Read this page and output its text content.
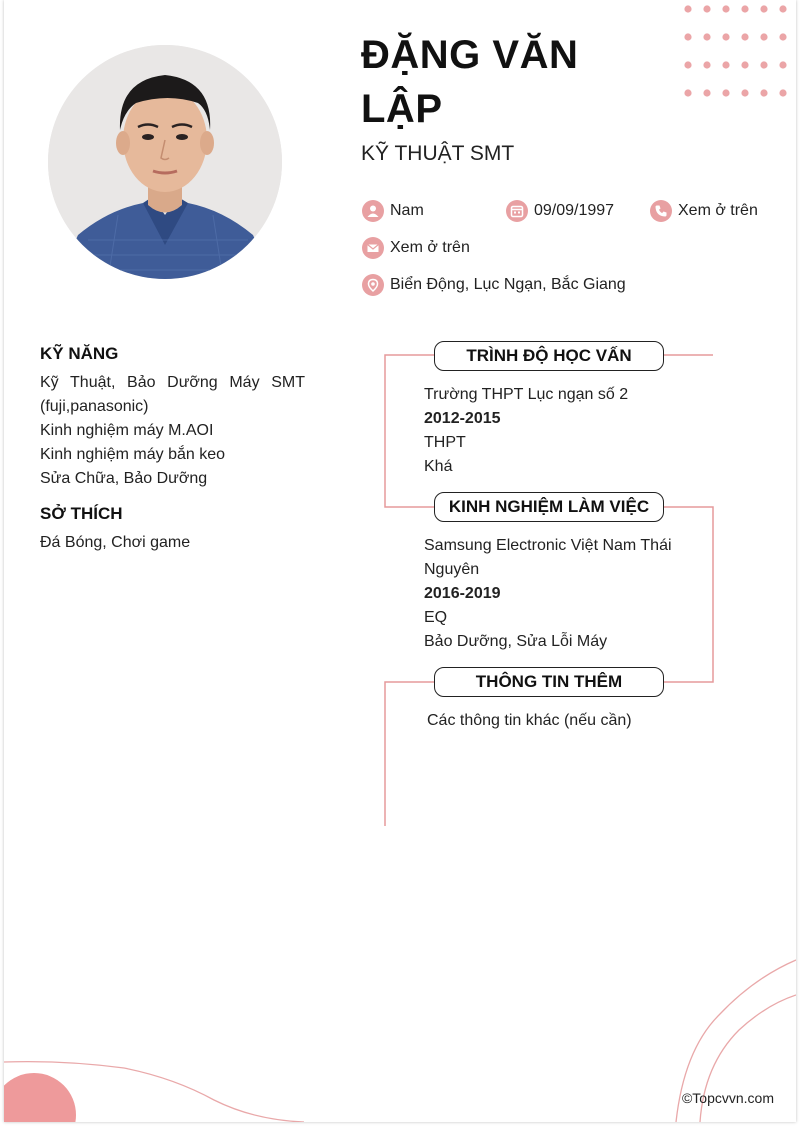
ĐẶNG VĂN
LẬP
KỸ THUẬT SMT
Nam	09/09/1997	Xem ở trên
Xem ở trên
Biển Động, Lục Ngạn, Bắc Giang
KỸ NĂNG
Kỹ Thuật, Bảo Dưỡng Máy SMT (fuji,panasonic)
Kinh nghiệm máy M.AOI
Kinh nghiệm máy bắn keo
Sửa Chữa, Bảo Dưỡng
SỞ THÍCH
Đá Bóng, Chơi game
TRÌNH ĐỘ HỌC VẤN
Trường THPT Lục ngạn số 2
2012-2015
THPT
Khá
KINH NGHIỆM LÀM VIỆC
Samsung Electronic Việt Nam Thái
Nguyên
2016-2019
EQ
Bảo Dưỡng, Sửa Lỗi Máy
THÔNG TIN THÊM
Các thông tin khác (nếu cần)
©Topcvvn.com
